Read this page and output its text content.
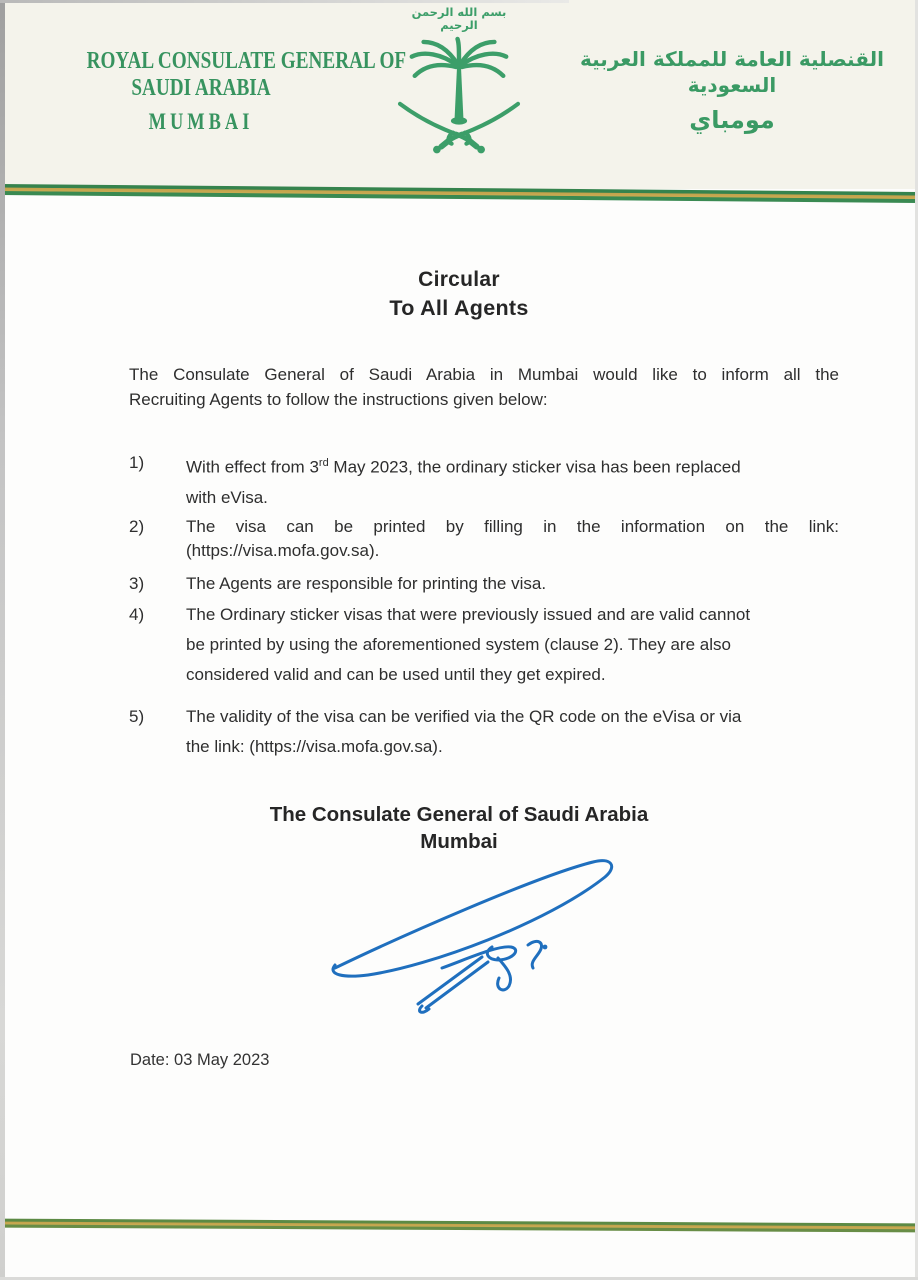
ROYAL CONSULATE GENERAL OF
SAUDI ARABIA
MUMBAI
بسم الله الرحمن الرحيم
القنصلية العامة للمملكة العربية السعودية
مومباي
Circular
To All Agents
The Consulate General of Saudi Arabia in Mumbai would like to inform all the
Recruiting Agents to follow the instructions given below:
1)	With effect from 3rd May 2023, the ordinary sticker visa has been replaced
with eVisa.
2)	The visa can be printed by filling in the information on the link:
(https://visa.mofa.gov.sa).
3)	The Agents are responsible for printing the visa.
4)	The Ordinary sticker visas that were previously issued and are valid cannot
be printed by using the aforementioned system (clause 2). They are also
considered valid and can be used until they get expired.
5)	The validity of the visa can be verified via the QR code on the eVisa or via
the link: (https://visa.mofa.gov.sa).
The Consulate General of Saudi Arabia
Mumbai
Date: 03 May 2023
